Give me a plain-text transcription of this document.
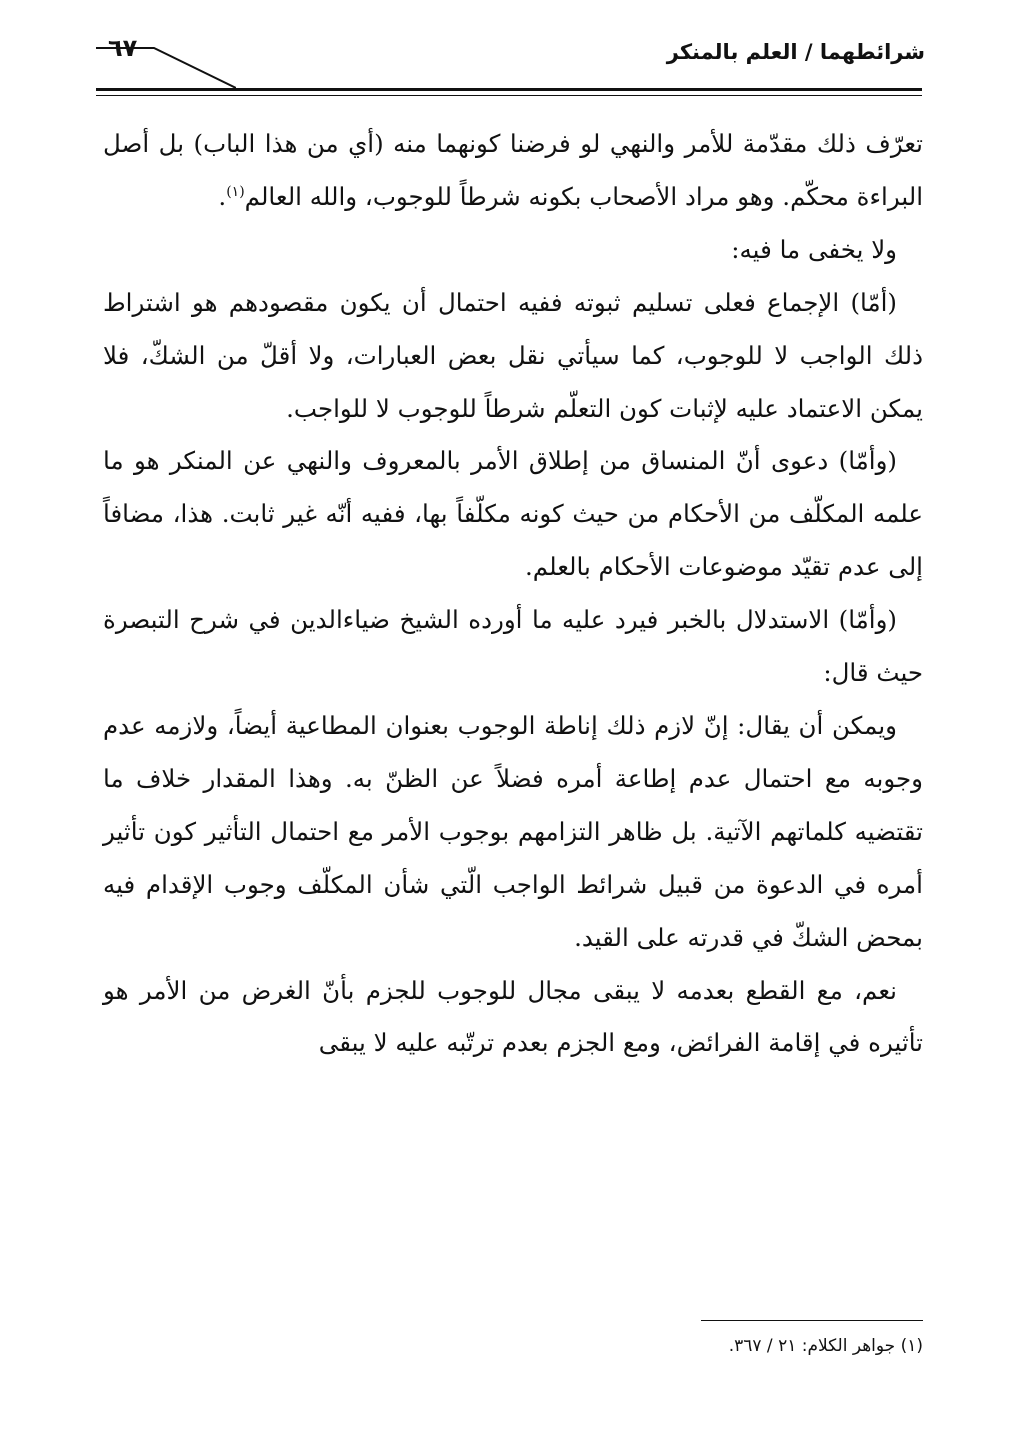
شرائطهما / العلم بالمنكر
٦٧

تعرّف ذلك مقدّمة للأمر والنهي لو فرضنا كونهما منه (أي من هذا الباب) بل أصل البراءة محكّم. وهو مراد الأصحاب بكونه شرطاً للوجوب، والله العالم$^{(١)}$.

ولا يخفى ما فيه:

(أمّا) الإجماع فعلى تسليم ثبوته ففيه احتمال أن يكون مقصودهم هو اشتراط ذلك الواجب لا للوجوب، كما سيأتي نقل بعض العبارات، ولا أقلّ من الشكّ، فلا يمكن الاعتماد عليه لإثبات كون التعلّم شرطاً للوجوب لا للواجب.

(وأمّا) دعوى أنّ المنساق من إطلاق الأمر بالمعروف والنهي عن المنكر هو ما علمه المكلّف من الأحكام من حيث كونه مكلّفاً بها، ففيه أنّه غير ثابت. هذا، مضافاً إلى عدم تقيّد موضوعات الأحكام بالعلم.

(وأمّا) الاستدلال بالخبر فيرد عليه ما أورده الشيخ ضياءالدين في شرح التبصرة حيث قال:

ويمكن أن يقال: إنّ لازم ذلك إناطة الوجوب بعنوان المطاعية أيضاً، ولازمه عدم وجوبه مع احتمال عدم إطاعة أمره فضلاً عن الظنّ به. وهذا المقدار خلاف ما تقتضيه كلماتهم الآتية. بل ظاهر التزامهم بوجوب الأمر مع احتمال التأثير كون تأثير أمره في الدعوة من قبيل شرائط الواجب الّتي شأن المكلّف وجوب الإقدام فيه بمحض الشكّ في قدرته على القيد.

نعم، مع القطع بعدمه لا يبقى مجال للوجوب للجزم بأنّ الغرض من الأمر هو تأثيره في إقامة الفرائض، ومع الجزم بعدم ترتّبه عليه لا يبقى

(١) جواهر الكلام: ٢١ / ٣٦٧.
